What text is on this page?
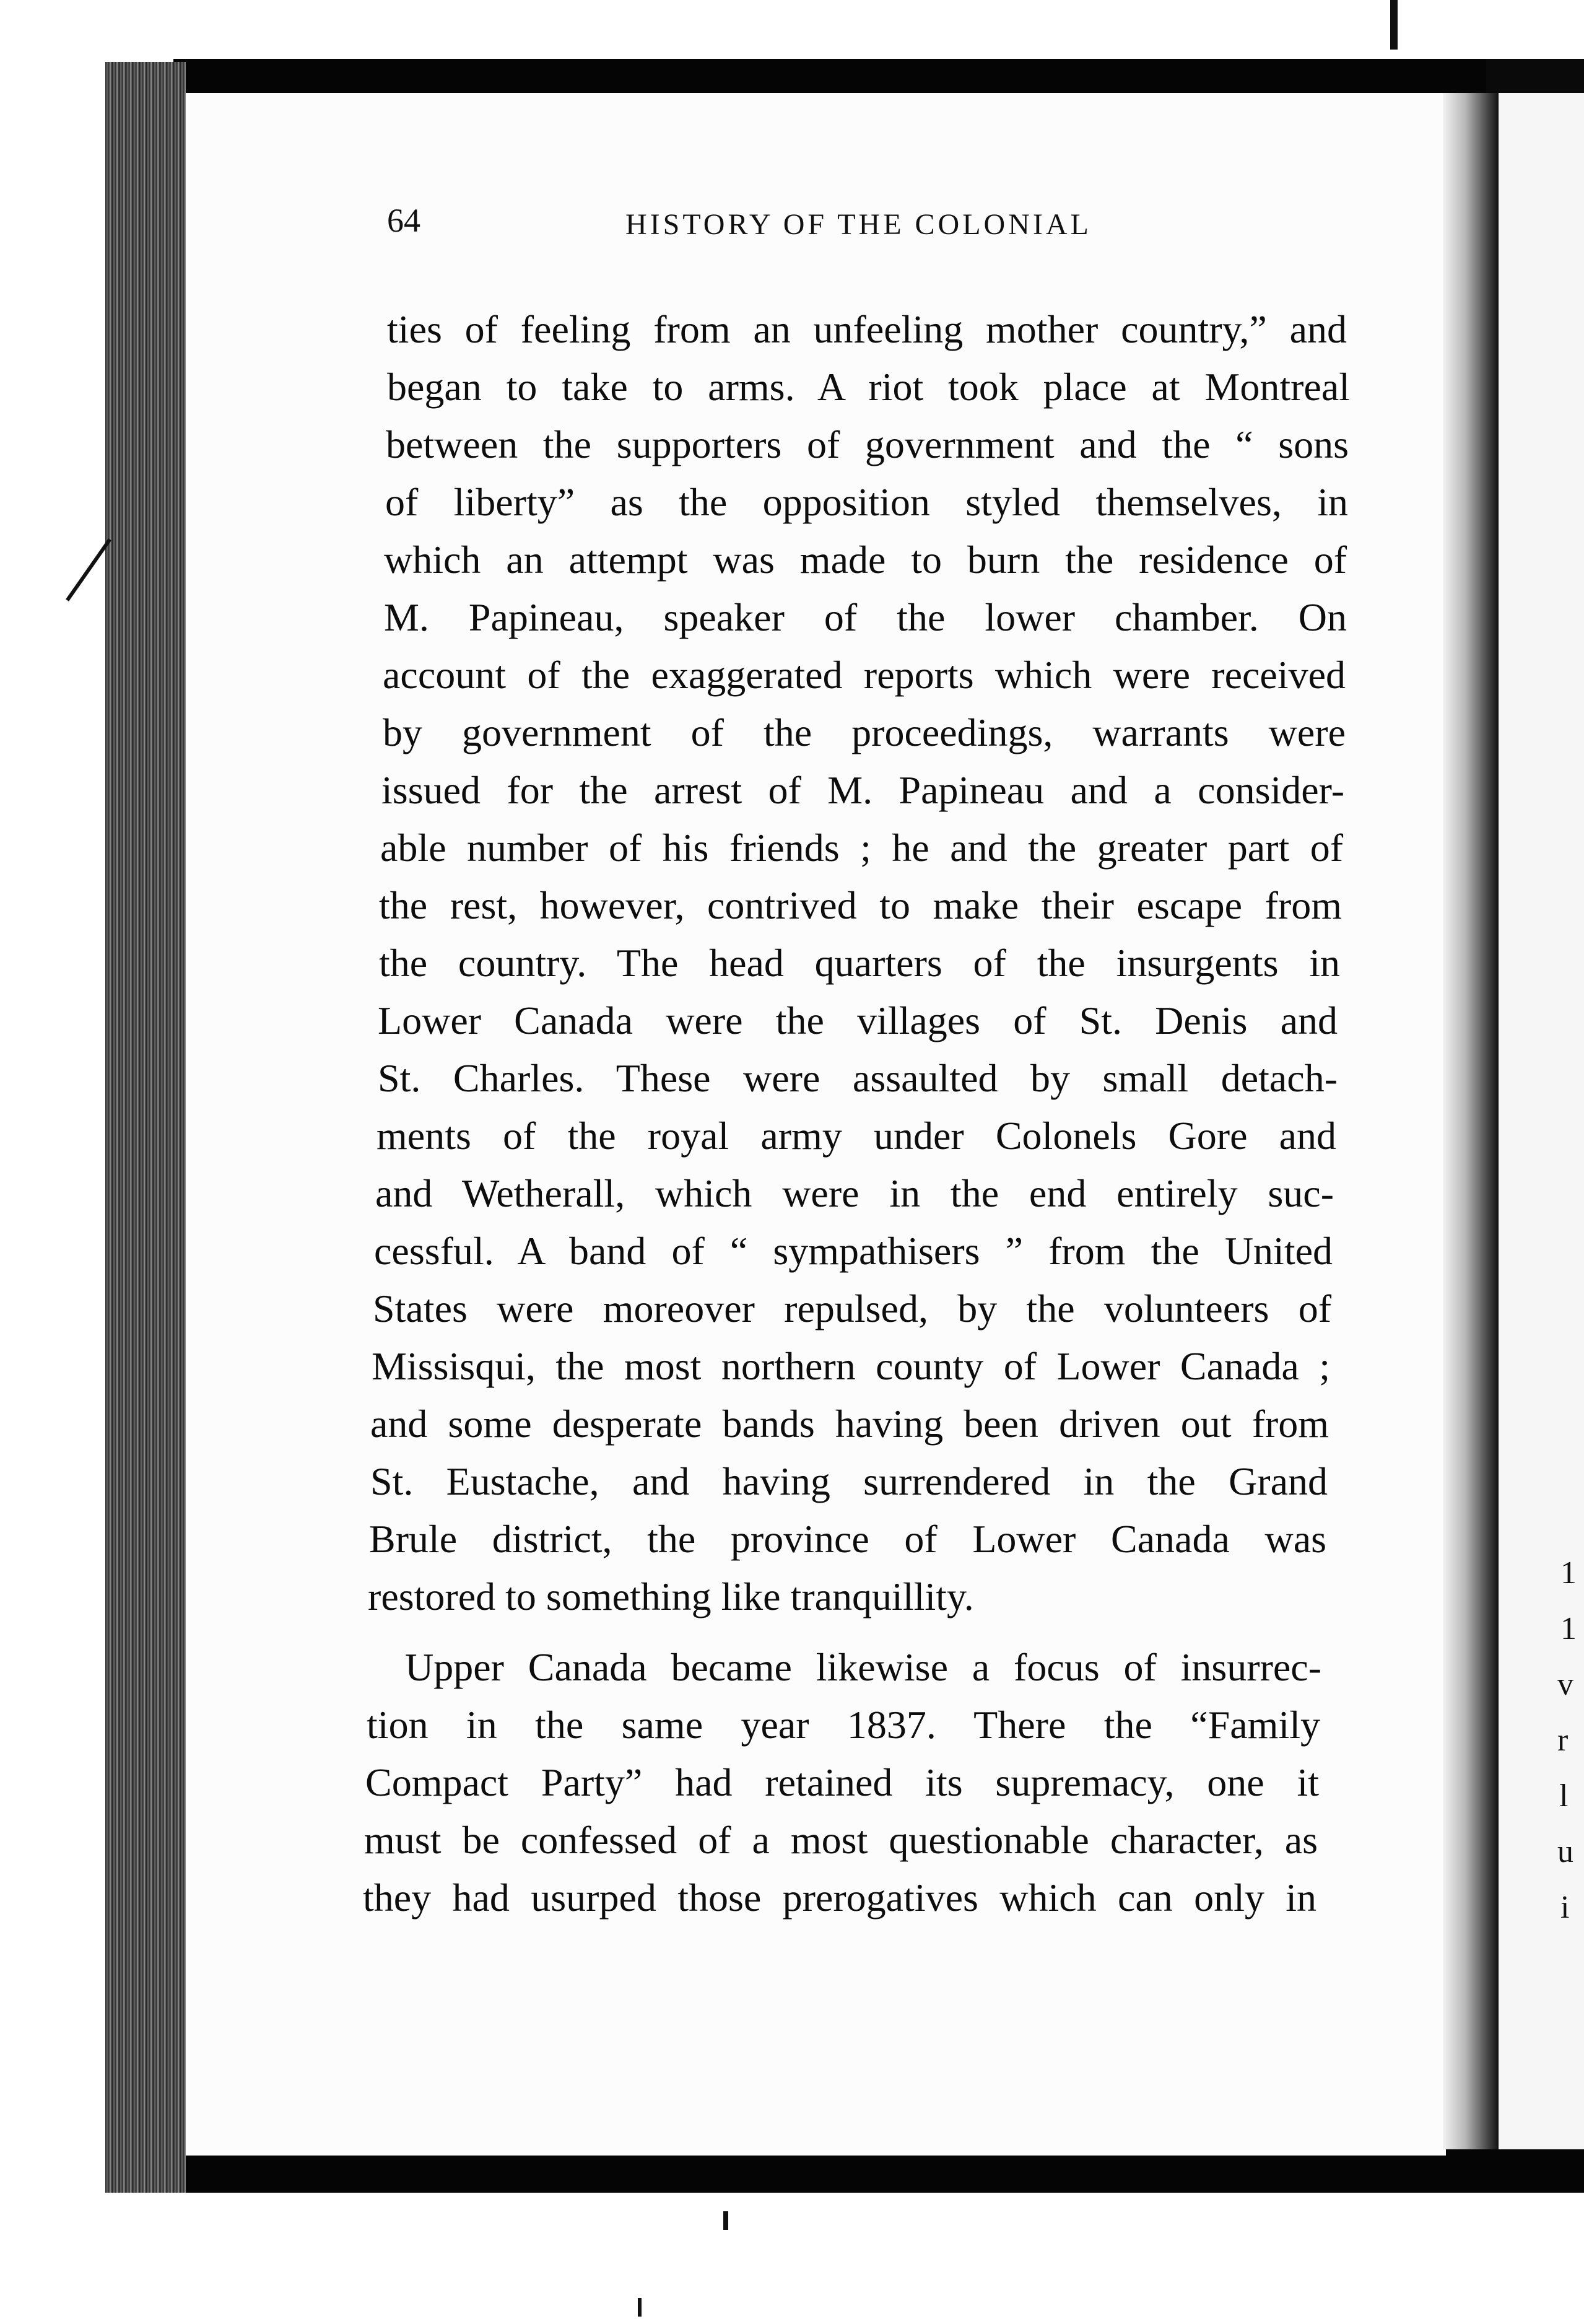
1
1
v
r
l
u
i
64	HISTORY OF THE COLONIAL
ties of feeling from an unfeeling mother country,” and
began to take to arms. A riot took place at Montreal
between the supporters of government and the “ sons
of liberty” as the opposition styled themselves, in
which an attempt was made to burn the residence of
M. Papineau, speaker of the lower chamber. On
account of the exaggerated reports which were received
by government of the proceedings, warrants were
issued for the arrest of M. Papineau and a consider-
able number of his friends ; he and the greater part of
the rest, however, contrived to make their escape from
the country. The head quarters of the insurgents in
Lower Canada were the villages of St. Denis and
St. Charles. These were assaulted by small detach-
ments of the royal army under Colonels Gore and
and Wetherall, which were in the end entirely suc-
cessful. A band of “ sympathisers ” from the United
States were moreover repulsed, by the volunteers of
Missisqui, the most northern county of Lower Canada ;
and some desperate bands having been driven out from
St. Eustache, and having surrendered in the Grand
Brule district, the province of Lower Canada was
restored to something like tranquillity.
Upper Canada became likewise a focus of insurrec-
tion in the same year 1837. There the “Family
Compact Party” had retained its supremacy, one it
must be confessed of a most questionable character, as
they had usurped those prerogatives which can only in
